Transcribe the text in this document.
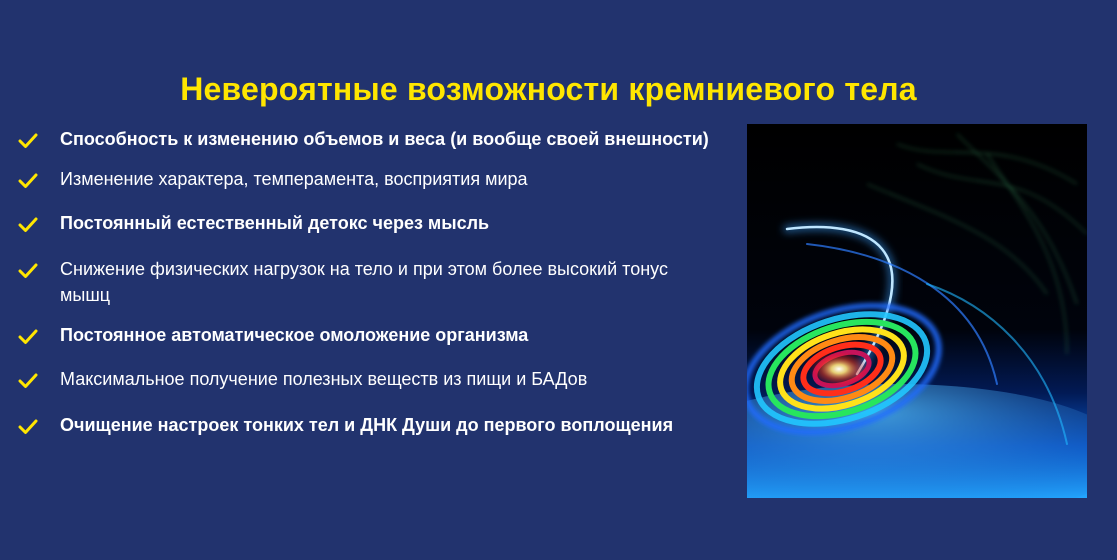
Невероятные возможности кремниевого тела
Способность к изменению объемов и веса (и вообще своей внешности)
Изменение характера, темперамента, восприятия мира
Постоянный естественный детокс через мысль
Снижение физических нагрузок на тело и при этом более высокий тонус мышц
Постоянное автоматическое омоложение организма
Максимальное получение полезных веществ из пищи и БАДов
Очищение настроек тонких тел и ДНК Души до первого воплощения
